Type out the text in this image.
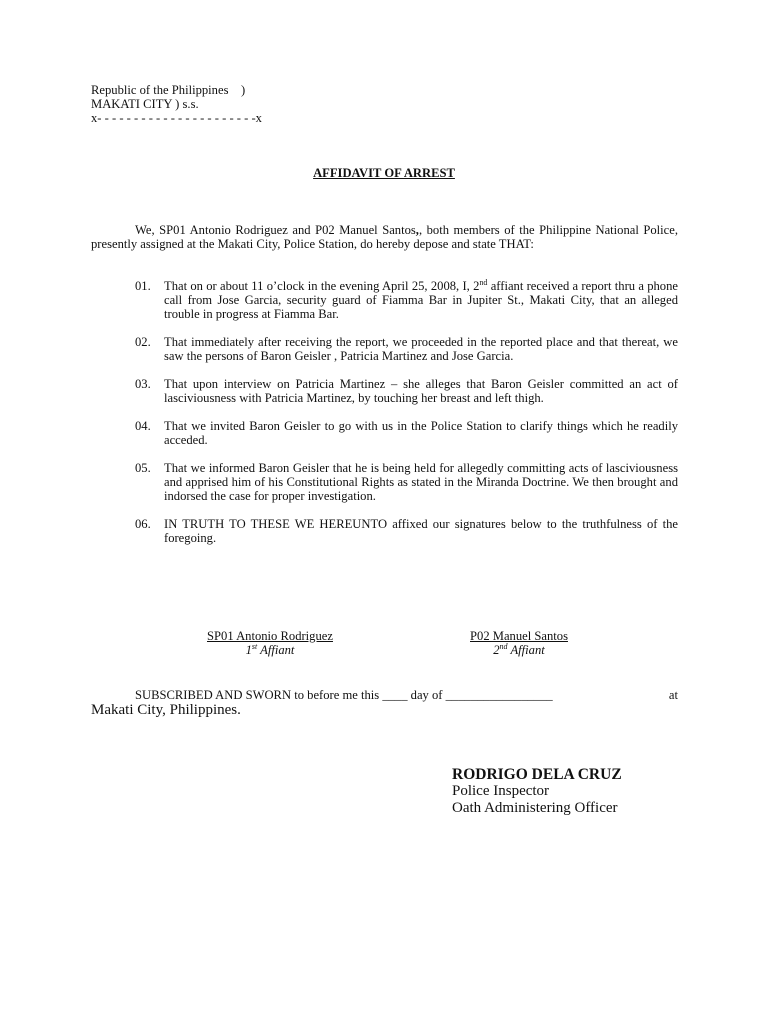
Republic of the Philippines    )
MAKATI CITY ) s.s.
x- - - - - - - - - - - - - - - - - - - - - -x
AFFIDAVIT OF ARREST
We, SP01 Antonio Rodriguez and P02 Manuel Santos,, both members of the Philippine National Police, presently assigned at the Makati City, Police Station, do hereby depose and state THAT:
01.	That on or about 11 o’clock in the evening April 25, 2008, I, 2nd affiant received a report thru a phone call from Jose Garcia, security guard of Fiamma Bar in Jupiter St., Makati City, that an alleged trouble in progress at Fiamma Bar.
02.	That immediately after receiving the report, we proceeded in the reported place and that thereat, we saw the persons of Baron Geisler , Patricia Martinez and Jose Garcia.
03.	That upon interview on Patricia Martinez – she alleges that Baron Geisler committed an act of lasciviousness with Patricia Martinez, by touching her breast and left thigh.
04.	That we invited Baron Geisler to go with us in the Police Station to clarify things which he readily acceded.
05.	That we informed Baron Geisler that he is being held for allegedly committing acts of lasciviousness and apprised him of his Constitutional Rights as stated in the Miranda Doctrine. We then brought and indorsed the case for proper investigation.
06.	IN TRUTH TO THESE WE HEREUNTO affixed our signatures below to the truthfulness of the foregoing.
SP01 Antonio Rodriguez
1st Affiant
P02 Manuel Santos
2nd Affiant
SUBSCRIBED AND SWORN to before me this ____ day of _________________	at
Makati City, Philippines.
RODRIGO DELA CRUZ
Police Inspector
Oath Administering Officer
